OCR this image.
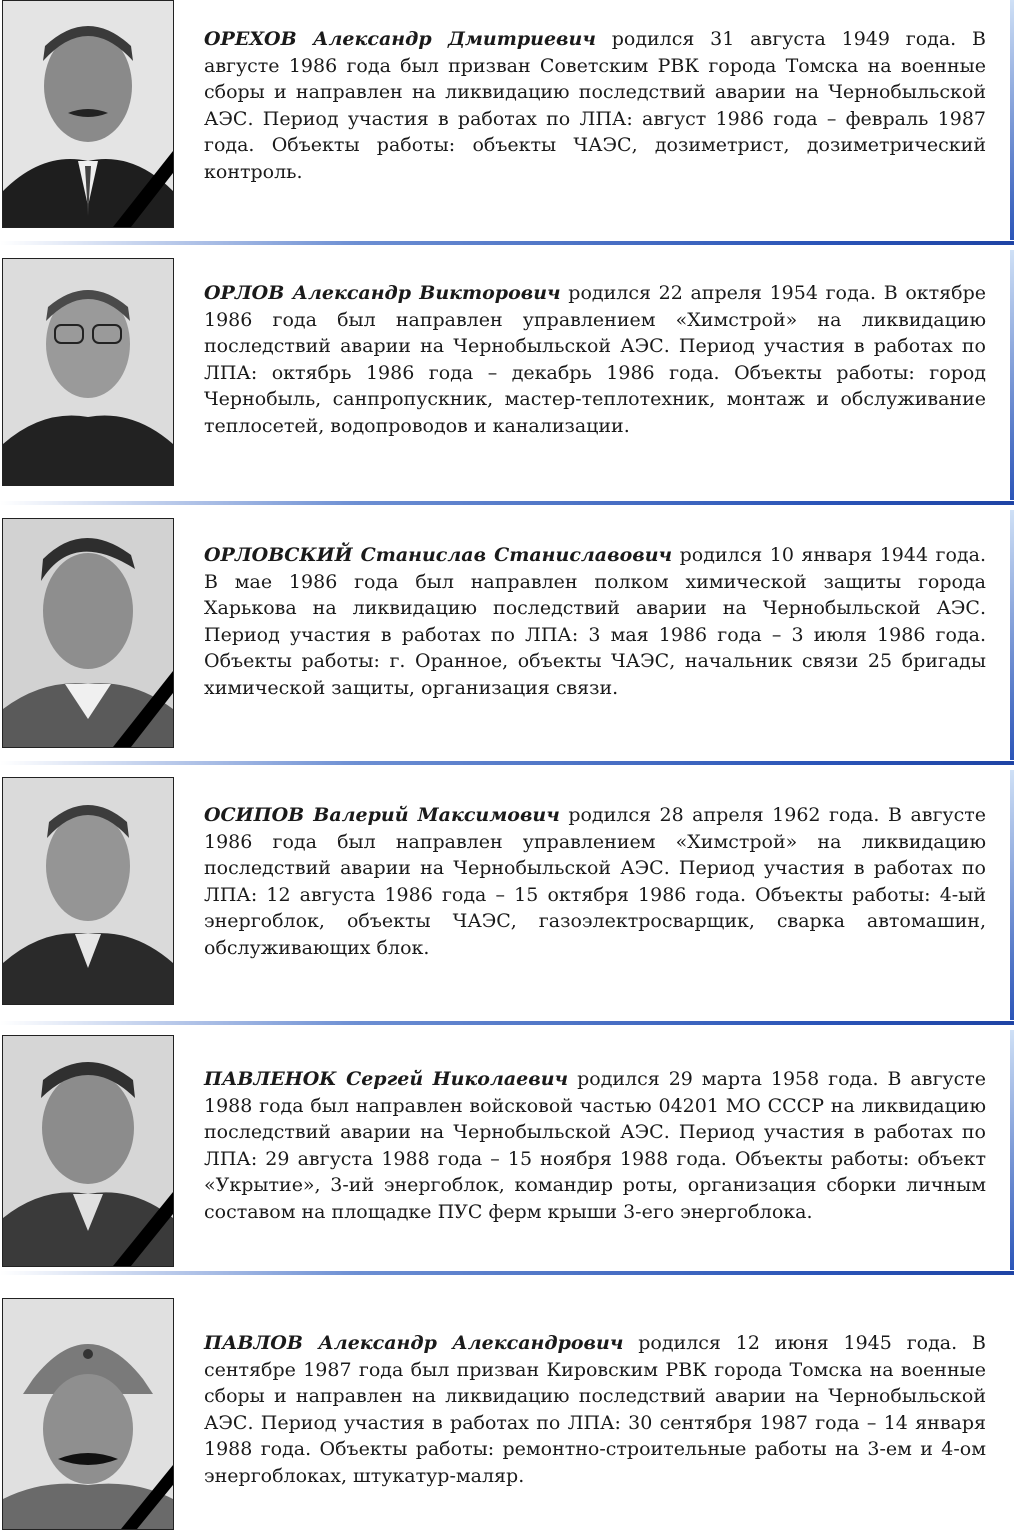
ОРЕХОВ Александр Дмитриевич родился 31 августа 1949 года. В августе 1986 года был призван Советским РВК города Томска на военные сборы и направлен на ликвидацию последствий аварии на Чернобыльской АЭС. Период участия в работах по ЛПА: август 1986 года – февраль 1987 года. Объекты работы: объекты ЧАЭС, дозиметрист, дозиметрический контроль.

ОРЛОВ Александр Викторович родился 22 апреля 1954 года. В октябре 1986 года был направлен управлением «Химстрой» на ликвидацию последствий аварии на Чернобыльской АЭС. Период участия в работах по ЛПА: октябрь 1986 года – декабрь 1986 года. Объекты работы: город Чернобыль, санпропускник, мастер-теплотехник, монтаж и обслуживание теплосетей, водопроводов и канализации.

ОРЛОВСКИЙ Станислав Станиславович родился 10 января 1944 года. В мае 1986 года был направлен полком химической защиты города Харькова на ликвидацию последствий аварии на Чернобыльской АЭС. Период участия в работах по ЛПА: 3 мая 1986 года – 3 июля 1986 года. Объекты работы: г. Оранное, объекты ЧАЭС, начальник связи 25 бригады химической защиты, организация связи.

ОСИПОВ Валерий Максимович родился 28 апреля 1962 года. В августе 1986 года был направлен управлением «Химстрой» на ликвидацию последствий аварии на Чернобыльской АЭС. Период участия в работах по ЛПА: 12 августа 1986 года – 15 октября 1986 года. Объекты работы: 4-ый энергоблок, объекты ЧАЭС, газоэлектросварщик, сварка автомашин, обслуживающих блок.

ПАВЛЕНОК Сергей Николаевич родился 29 марта 1958 года. В августе 1988 года был направлен войсковой частью 04201 МО СССР на ликвидацию последствий аварии на Чернобыльской АЭС. Период участия в работах по ЛПА: 29 августа 1988 года – 15 ноября 1988 года. Объекты работы: объект «Укрытие», 3-ий энергоблок, командир роты, организация сборки личным составом на площадке ПУС ферм крыши 3-его энергоблока.

ПАВЛОВ Александр Александрович родился 12 июня 1945 года. В сентябре 1987 года был призван Кировским РВК города Томска на военные сборы и направлен на ликвидацию последствий аварии на Чернобыльской АЭС. Период участия в работах по ЛПА: 30 сентября 1987 года – 14 января 1988 года. Объекты работы: ремонтно-строительные работы на 3-ем и 4-ом энергоблоках, штукатур-маляр.
